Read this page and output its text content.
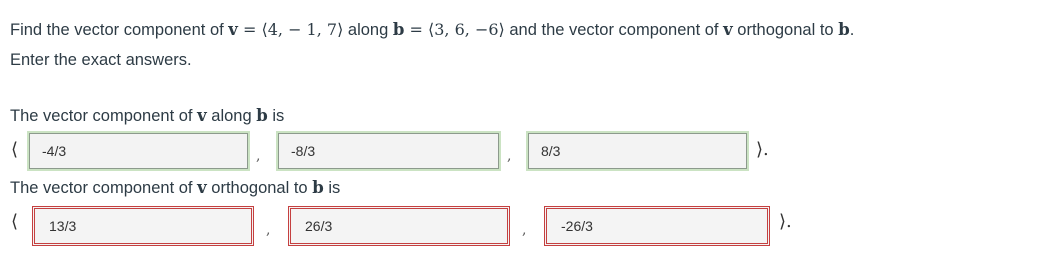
Find the vector component of v = ⟨4, − 1, 7⟩ along b = ⟨3, 6, −6⟩ and the vector component of v orthogonal to b.
Enter the exact answers.
The vector component of v along b is
⟨	-4/3	,	-8/3	,	8/3	⟩.
The vector component of v orthogonal to b is
⟨	13/3	,	26/3	,	-26/3	⟩.
